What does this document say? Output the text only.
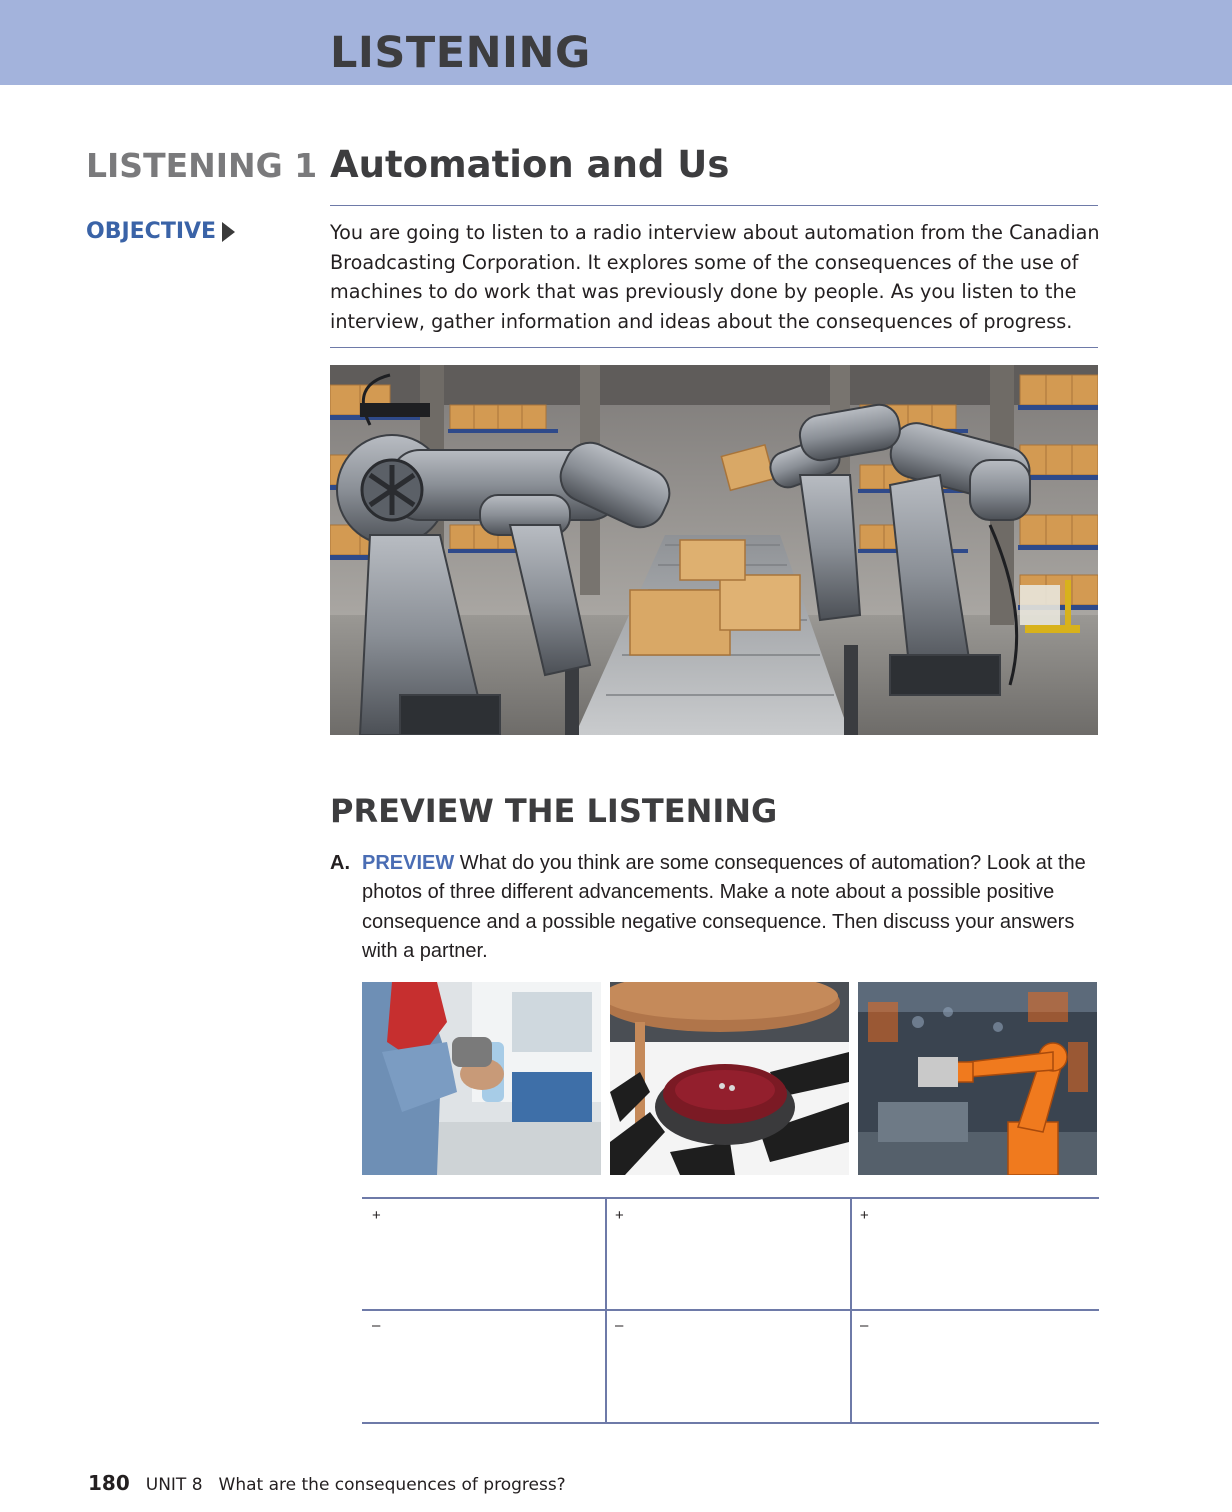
LISTENING
LISTENING 1 Automation and Us
OBJECTIVE	You are going to listen to a radio interview about automation from the Canadian Broadcasting Corporation. It explores some of the consequences of the use of machines to do work that was previously done by people. As you listen to the interview, gather information and ideas about the consequences of progress.

PREVIEW THE LISTENING
A. PREVIEW What do you think are some consequences of automation? Look at the photos of three different advancements. Make a note about a possible positive consequence and a possible negative consequence. Then discuss your answers with a partner.
+	+	+
–	–	–
180 UNIT 8 What are the consequences of progress?
